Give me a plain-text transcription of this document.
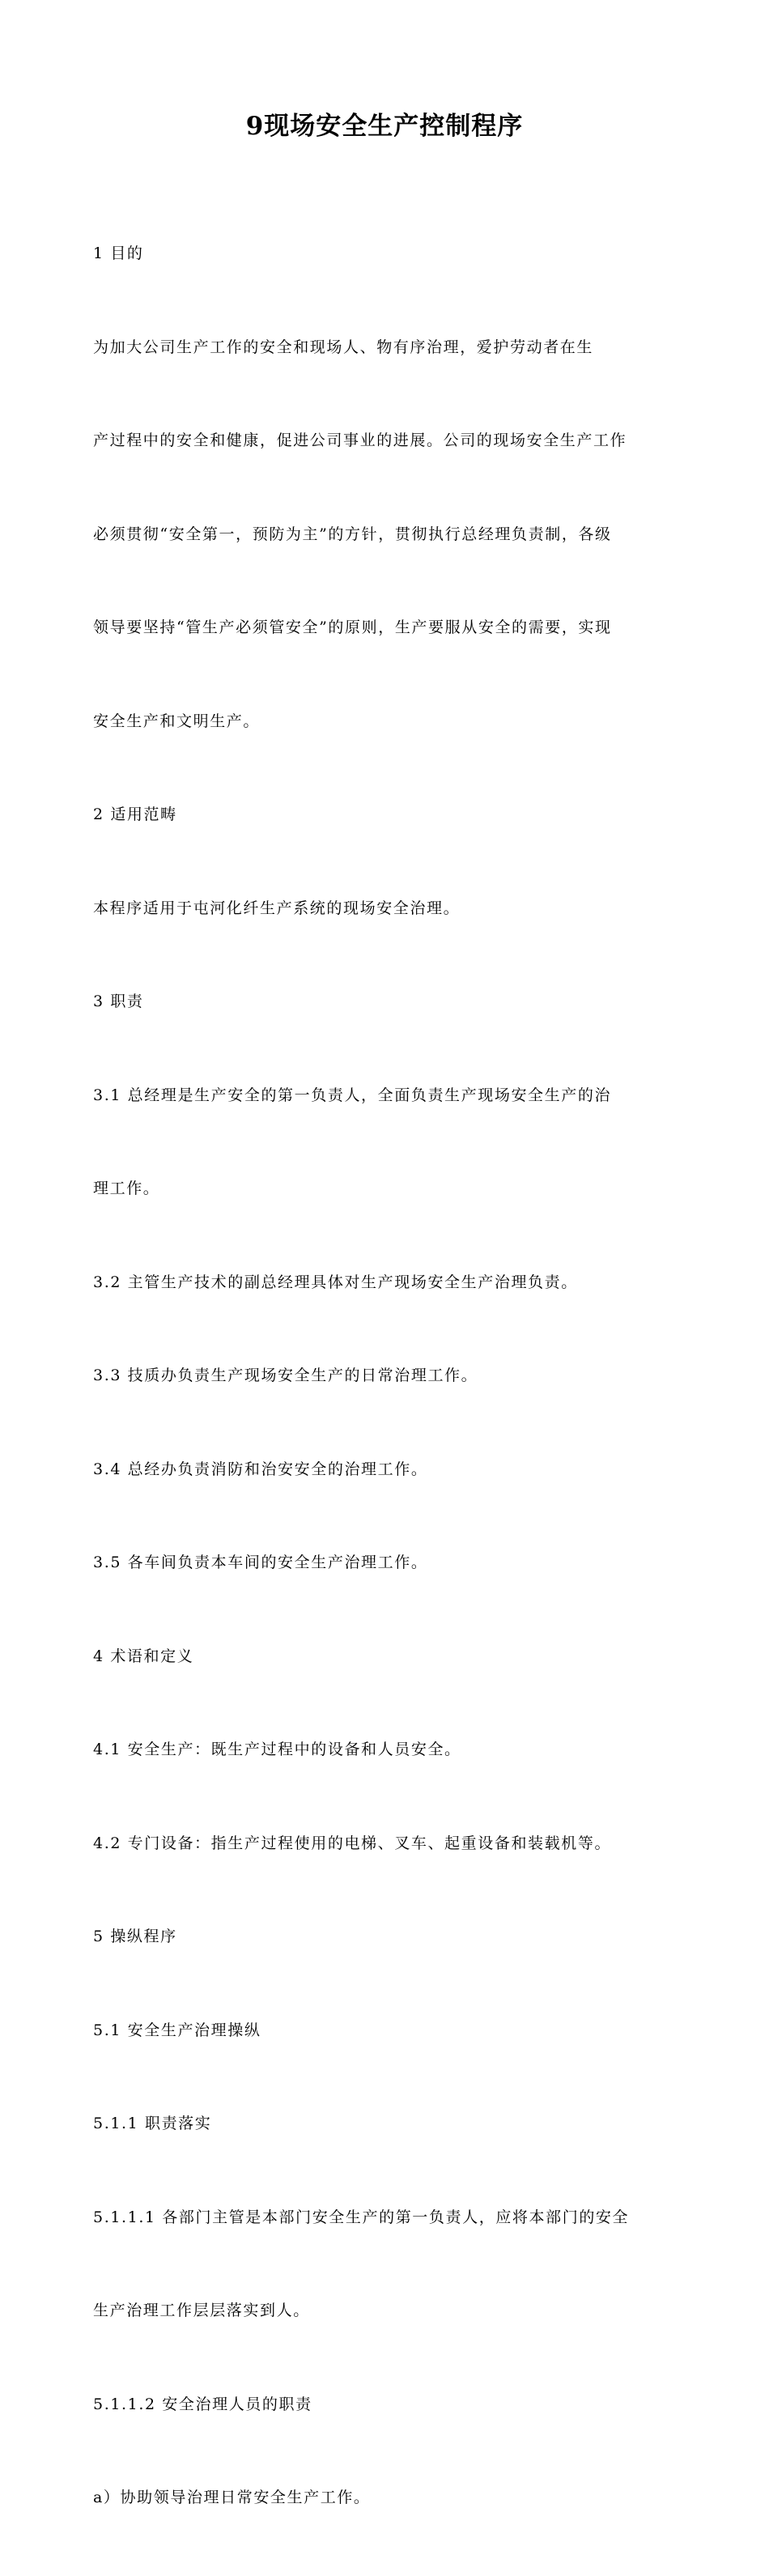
9现场安全生产控制程序

1 目的

为加大公司生产工作的安全和现场人、物有序治理，爱护劳动者在生

产过程中的安全和健康，促进公司事业的进展。公司的现场安全生产工作

必须贯彻“安全第一，预防为主”的方针，贯彻执行总经理负责制，各级

领导要坚持“管生产必须管安全”的原则，生产要服从安全的需要，实现

安全生产和文明生产。

2 适用范畴

本程序适用于屯河化纤生产系统的现场安全治理。

3 职责

3.1 总经理是生产安全的第一负责人，全面负责生产现场安全生产的治

理工作。

3.2 主管生产技术的副总经理具体对生产现场安全生产治理负责。

3.3 技质办负责生产现场安全生产的日常治理工作。

3.4 总经办负责消防和治安安全的治理工作。

3.5 各车间负责本车间的安全生产治理工作。

4 术语和定义

4.1 安全生产：既生产过程中的设备和人员安全。

4.2 专门设备：指生产过程使用的电梯、叉车、起重设备和装载机等。

5 操纵程序

5.1 安全生产治理操纵

5.1.1 职责落实

5.1.1.1 各部门主管是本部门安全生产的第一负责人，应将本部门的安全

生产治理工作层层落实到人。

5.1.1.2 安全治理人员的职责

a）协助领导治理日常安全生产工作。
